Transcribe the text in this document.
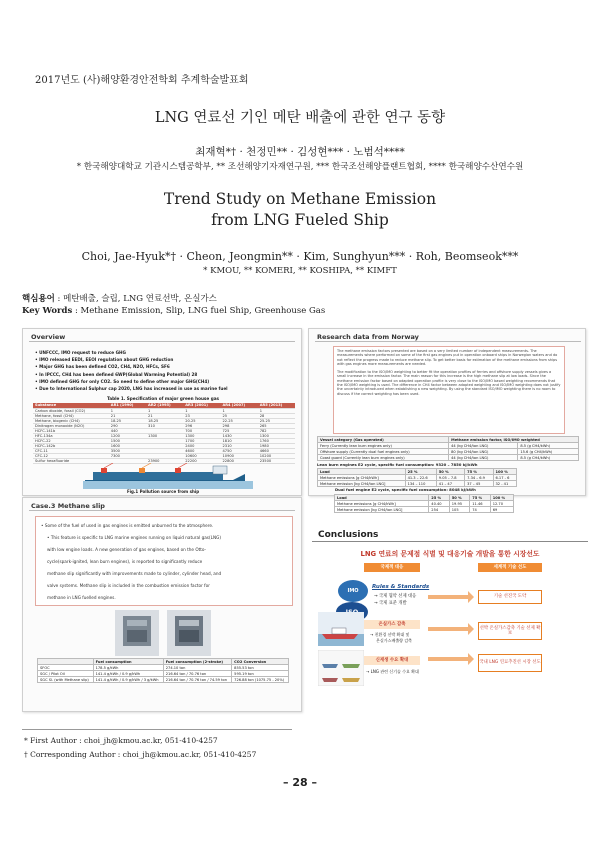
2017년도 (사)해양환경안전학회 추계학술발표회
LNG 연료선 기인 메탄 배출에 관한 연구 동향
최재혁*† · 천정민** · 김성현*** · 노범석****
* 한국해양대학교 기관시스템공학부, ** 조선해양기자재연구원, *** 한국조선해양플랜트협회, **** 한국해양수산연수원
Trend Study on Methane Emission
from LNG Fueled Ship
Choi, Jae-Hyuk*† · Cheon, Jeongmin** · Kim, Sunghyun*** · Roh, Beomseok***
* KMOU, ** KOMERI, ** KOSHIPA, ** KIMFT
핵심용어 : 메탄배출, 슬립, LNG 연료선박, 온실가스
Key Words : Methane Emission, Slip, LNG fuel Ship, Greenhouse Gas
Overview
• UNFCCC, IMO request to reduce GHG
• IMO released EEDI, EEOI regulation about GHG reduction
• Major GHG has been defined CO2, CH4, N2O, HFCs, SF6
• In IPCCC, CH4 has been defined 6WP(Global Warming Potential) 28
• IMO defined GHG for only CO2. So need to define other major GHG(CH4)
• Due to International Sulphur cap 2020, LNG has increased in use as marine fuel
Table 1. Specification of major green house gas
Substance	AR1 (1990)	AR2 (1995)	AR3 (2001)	AR4 (2007)	AR5 (2013)
Carbon dioxide, fossil (CO2)	1	1	1	1	1
Methane, fossil (CH4)	21	21	23	25	28
Methane, biogenic (CH4)	18.25	18.25	20.25	22.25	25.25
Dinitrogen monoxide (N2O)	290	310	296	298	265
HCFC-141b	440		700	725	782
HFC-134a	1200	1300	1300	1430	1300
HCFC-22	1500		1700	1810	1760
HCFC-142b	1600		2400	2310	1980
CFC-11	3500		4600	4750	4660
CFC-12	7300		10600	10900	10200
Sulfur hexafluoride		23900	22200	22800	23500
Fig.1 Pollution source from ship
Research data from Norway

The methane emission factors presented are based on a very limited number of independent measurements. The measurements where performed on some of the first gas engines put in operation onboard ships in Norwegian waters and do not reflect the progress made to reduce methane slip. To get better basis for estimation of the methane emissions from ships with gas engines more measurements are needed.

The modification to the ISO/IMO weighting to better fit the operation profiles of ferries and offshore supply vessels gives a small increase in the emission factor. The main reason for this increase is the high methane slip at low loads. Since the methane emission factor based on adapted operation profile is very close to the ISO/IMO based weighting recommends that the ISO/IMO weighting is used. The difference in CH4 factor between adapted weighting and ISO/IMO weighting does not justify the uncertainty introduced when establishing a new weighting. By using the standard ISO/IMO weighting there is no room to discuss if the correct weighting has been used.

Vessel category (Gas operated)	Methane emission factor, ISO/IMO weighted	
Ferry (Currently lean burn engines only)	44 (kg CH4/ton LNG)	8.5 (g CH4/kWh)
Offshore supply (Currently dual fuel engines only)	80 (kg CH4/ton LNG)	15.6 (g CH4/kWh)
Coast guard (Currently lean burn engines only)	44 (kg CH4/ton LNG)	8.5 (g CH4/kWh)
Lean burn engines E2 cycle, specific fuel consumption: 9320 – 7850 kJ/kWh
Load	25 %	50 %	75 %	100 %
Methane emissions [g CH4/kWh]	41.3 – 22.6	9.05 – 7.8	7.34 – 6.9	6.17 - 6
Methane emission [kg CH4/ton LNG]	134 – 110	41 – 47	37 – 45	32 - 41
Dual fuel engine E2 cycle, specific fuel consumption: 8048 kJ/kWh
Load	25 %	50 %	75 %	100 %
Methane emissions [g CH4/kWh]	40.40	19.95	11.46	12.70
Methane emission [kg CH4/ton LNG]	254	105	74	69
Case.3 Methane slip
• Some of the fuel of used in gas engines is emitted unburned to the atmosphere.
• This feature is specific to LNG marine engines running on liquid natural gas(LNG)
with low engine loads. A new generation of gas engines, based on the Otto-
cycle(spark-ignited, lean burn engines), is reported to significantly reduce
methane slip significantly with improvements made to cylinder, cylinder head, and
valve systems. Methane slip is included in the combustion emission factor for
methane in LNG fuelled engines.
	Fuel consumption	Fuel consumption (2-stroke)	CO2 Conversion
SFOC	178.5 g/kWh	274.10 ton	855.53 ton
SGC / Pilot Oil	141.4 g/kWh / 0.9 g/kWh	216.64 ton / 70.76 ton	595.19 ton
SGC Sl. (with Methane slip)	141.4 g/kWh / 0.9 g/kWh / 3 g/kWh	216.64 ton / 70.76 ton / 74.59 ton	726.88 ton (1075.75 - 20%)
Conclusions
LNG 연료의 문제점 식별 및 대응기술 개발을 통한 시장선도
국제적 대응	세계적 기술 선도
IMO
Rules & Standards
→ 국제 협약 선제 대응
→ 국제 표준 개발
기술 선진국 도약
온실가스 감축
→ 친환경 선박 확대 및
온실가스배출량 감축
선박 온실가스감축 기술 선제 확보
신재생 수요 확대
→ LNG 관련 신기술 수요 확대
국내 LNG 연료추진선 시장 선도
* First Author : choi_jh@kmou.ac.kr, 051-410-4257
† Corresponding Author : choi_jh@kmou.ac.kr, 051-410-4257
– 28 –
